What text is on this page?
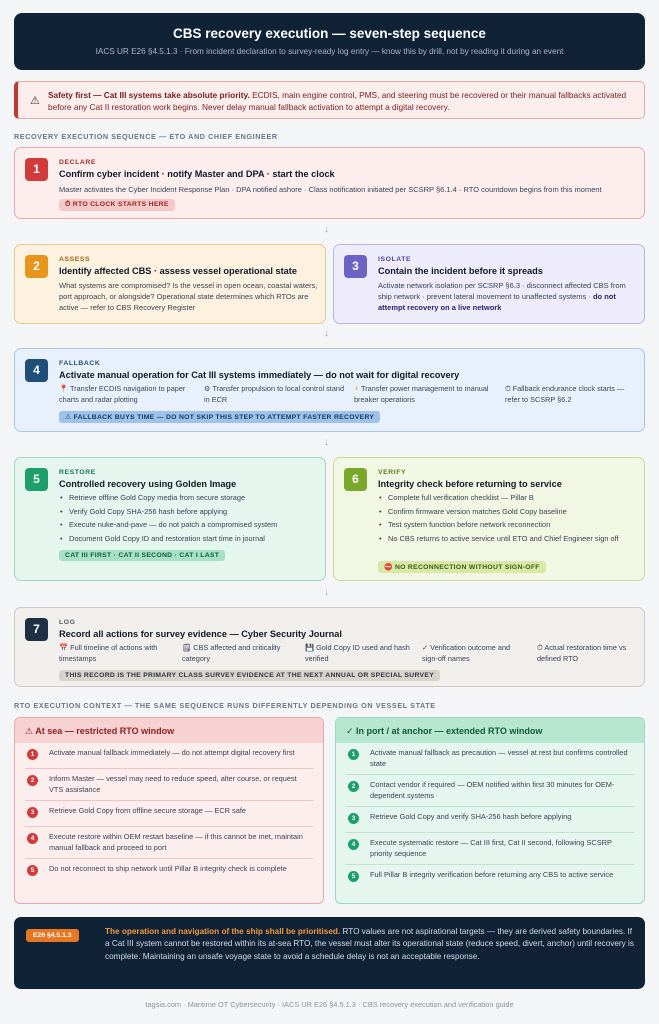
CBS recovery execution — seven-step sequence

IACS UR E26 §4.5.1.3 · From incident declaration to survey-ready log entry — know this by drill, not by reading it during an event

⚠ Safety first — Cat III systems take absolute priority. ECDIS, main engine control, PMS, and steering must be recovered or their manual fallbacks activated before any Cat II restoration work begins. Never delay manual fallback activation to attempt a digital recovery.
RECOVERY EXECUTION SEQUENCE — ETO AND CHIEF ENGINEER
1	DECLARE
Confirm cyber incident · notify Master and DPA · start the clock
Master activates the Cyber Incident Response Plan · DPA notified ashore · Class notification initiated per SCSRP §6.1.4 · RTO countdown begins from this moment
⏱ RTO CLOCK STARTS HERE
↓
2	ASSESS
Identify affected CBS · assess vessel operational state
What systems are compromised? Is the vessel in open ocean, coastal waters, port approach, or alongside? Operational state determines which RTOs are active — refer to CBS Recovery Register
3	ISOLATE
Contain the incident before it spreads
Activate network isolation per SCSRP §6.3 · disconnect affected CBS from ship network · prevent lateral movement to unaffected systems · do not attempt recovery on a live network
↓
4	FALLBACK
Activate manual operation for Cat III systems immediately — do not wait for digital recovery
📍 Transfer ECDIS navigation to paper charts and radar plotting
⚙ Transfer propulsion to local control stand in ECR
⚡ Transfer power management to manual breaker operations
⏱ Fallback endurance clock starts — refer to SCSRP §6.2
⚠ FALLBACK BUYS TIME — DO NOT SKIP THIS STEP TO ATTEMPT FASTER RECOVERY
↓
5	RESTORE
Controlled recovery using Golden Image
• Retrieve offline Gold Copy media from secure storage
• Verify Gold Copy SHA-256 hash before applying
• Execute nuke-and-pave — do not patch a compromised system
• Document Gold Copy ID and restoration start time in journal
CAT III FIRST · CAT II SECOND · CAT I LAST
6	VERIFY
Integrity check before returning to service
• Complete full verification checklist — Pillar B
• Confirm firmware version matches Gold Copy baseline
• Test system function before network reconnection
• No CBS returns to active service until ETO and Chief Engineer sign off
⛔ NO RECONNECTION WITHOUT SIGN-OFF
↓
7	LOG
Record all actions for survey evidence — Cyber Security Journal
📅 Full timeline of actions with timestamps
🗒 CBS affected and criticality category
💾 Gold Copy ID used and hash verified
✓ Verification outcome and sign-off names
⏱ Actual restoration time vs defined RTO
THIS RECORD IS THE PRIMARY CLASS SURVEY EVIDENCE AT THE NEXT ANNUAL OR SPECIAL SURVEY
RTO EXECUTION CONTEXT — THE SAME SEQUENCE RUNS DIFFERENTLY DEPENDING ON VESSEL STATE
⚠ At sea — restricted RTO window
1	Activate manual fallback immediately — do not attempt digital recovery first
2	Inform Master — vessel may need to reduce speed, alter course, or request VTS assistance
3	Retrieve Gold Copy from offline secure storage — ECR safe
4	Execute restore within OEM restart baseline — if this cannot be met, maintain manual fallback and proceed to port
5	Do not reconnect to ship network until Pillar B integrity check is complete
✓ In port / at anchor — extended RTO window
1	Activate manual fallback as precaution — vessel at rest but confirms controlled state
2	Contact vendor if required — OEM notified within first 30 minutes for OEM-dependent systems
3	Retrieve Gold Copy and verify SHA-256 hash before applying
4	Execute systematic restore — Cat III first, Cat II second, following SCSRP priority sequence
5	Full Pillar B integrity verification before returning any CBS to active service
E26 §4.5.1.3	The operation and navigation of the ship shall be prioritised. RTO values are not aspirational targets — they are derived safety boundaries. If a Cat III system cannot be restored within its at-sea RTO, the vessel must alter its operational state (reduce speed, divert, anchor) until recovery is complete. Maintaining an unsafe voyage state to avoid a schedule delay is not an acceptable response.
tagsia.com · Maritime OT Cybersecurity · IACS UR E26 §4.5.1.3 · CBS recovery execution and verification guide
